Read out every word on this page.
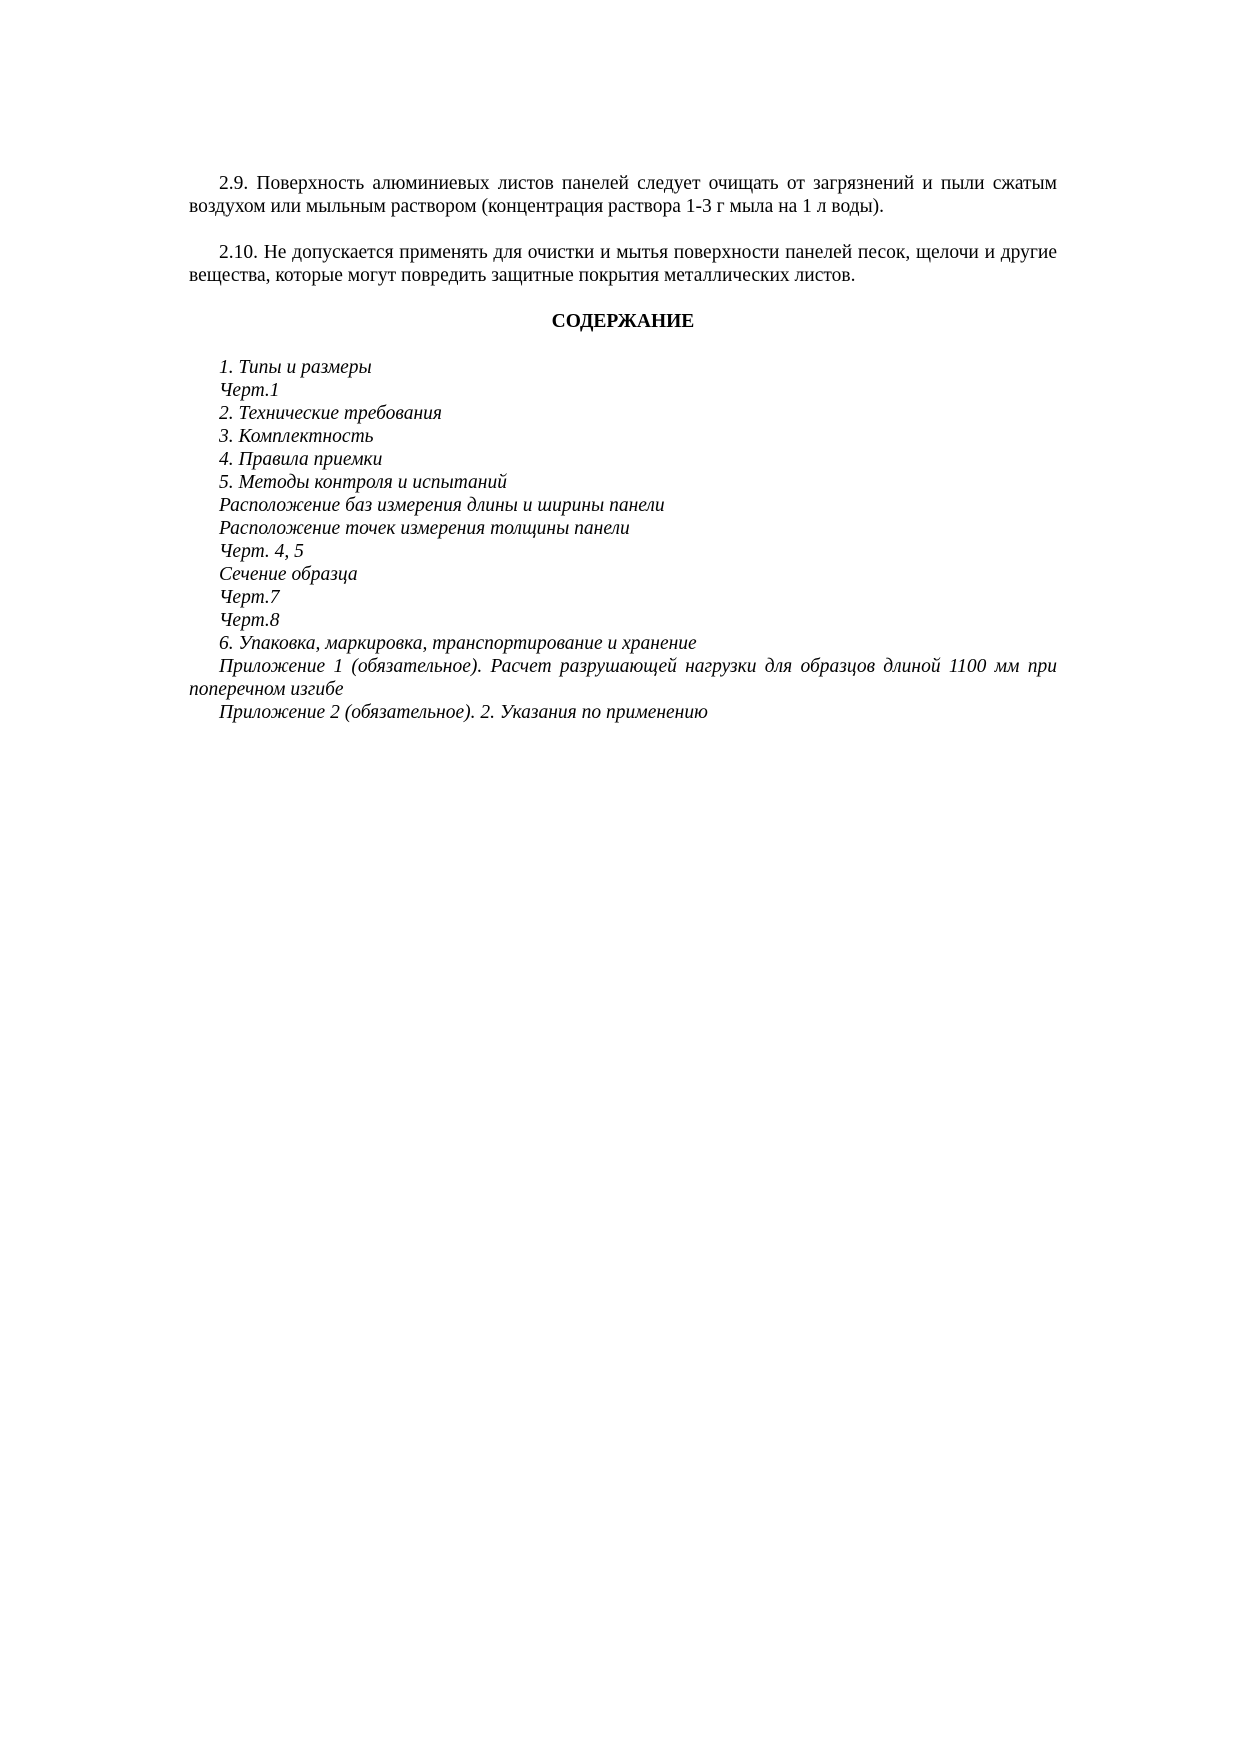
2.9. Поверхность алюминиевых листов панелей следует очищать от загрязнений и пыли сжатым воздухом или мыльным раствором (концентрация раствора 1-3 г мыла на 1 л воды).

2.10. Не допускается применять для очистки и мытья поверхности панелей песок, щелочи и другие вещества, которые могут повредить защитные покрытия металлических листов.

СОДЕРЖАНИЕ
1. Типы и размеры
Черт.1
2. Технические требования
3. Комплектность
4. Правила приемки
5. Методы контроля и испытаний
Расположение баз измерения длины и ширины панели
Расположение точек измерения толщины панели
Черт. 4, 5
Сечение образца
Черт.7
Черт.8
6. Упаковка, маркировка, транспортирование и хранение
Приложение 1 (обязательное). Расчет разрушающей нагрузки для образцов длиной 1100 мм при поперечном изгибе
Приложение 2 (обязательное). 2. Указания по применению
